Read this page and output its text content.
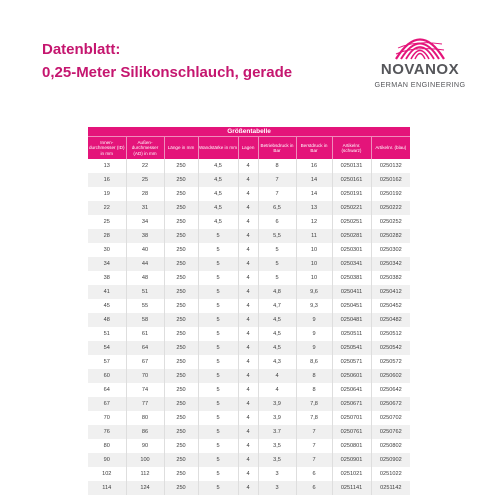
Datenblatt:
0,25-Meter Silikonschlauch, gerade	NOVANOX
GERMAN ENGINEERING
Größentabelle								
Innen-durchmesser (ID) in mm	Außen-durchmesser (AD) in mm	Länge in mm	Wandstärke in mm	Lagen	Betriebsdruck in Bar	Berstdruck in Bar	Artikelnr. (schwarz)	Artikelnr. (blau)
13	22	250	4,5	4	8	16	0250131	0250132
16	25	250	4,5	4	7	14	0250161	0250162
19	28	250	4,5	4	7	14	0250191	0250192
22	31	250	4,5	4	6,5	13	0250221	0250222
25	34	250	4,5	4	6	12	0250251	0250252
28	38	250	5	4	5,5	11	0250281	0250282
30	40	250	5	4	5	10	0250301	0250302
34	44	250	5	4	5	10	0250341	0250342
38	48	250	5	4	5	10	0250381	0250382
41	51	250	5	4	4,8	9,6	0250411	0250412
45	55	250	5	4	4,7	9,3	0250451	0250452
48	58	250	5	4	4,5	9	0250481	0250482
51	61	250	5	4	4,5	9	0250511	0250512
54	64	250	5	4	4,5	9	0250541	0250542
57	67	250	5	4	4,3	8,6	0250571	0250572
60	70	250	5	4	4	8	0250601	0250602
64	74	250	5	4	4	8	0250641	0250642
67	77	250	5	4	3,9	7,8	0250671	0250672
70	80	250	5	4	3,9	7,8	0250701	0250702
76	86	250	5	4	3.7	7	0250761	0250762
80	90	250	5	4	3,5	7	0250801	0250802
90	100	250	5	4	3,5	7	0250901	0250902
102	112	250	5	4	3	6	0251021	0251022
114	124	250	5	4	3	6	0251141	0251142
